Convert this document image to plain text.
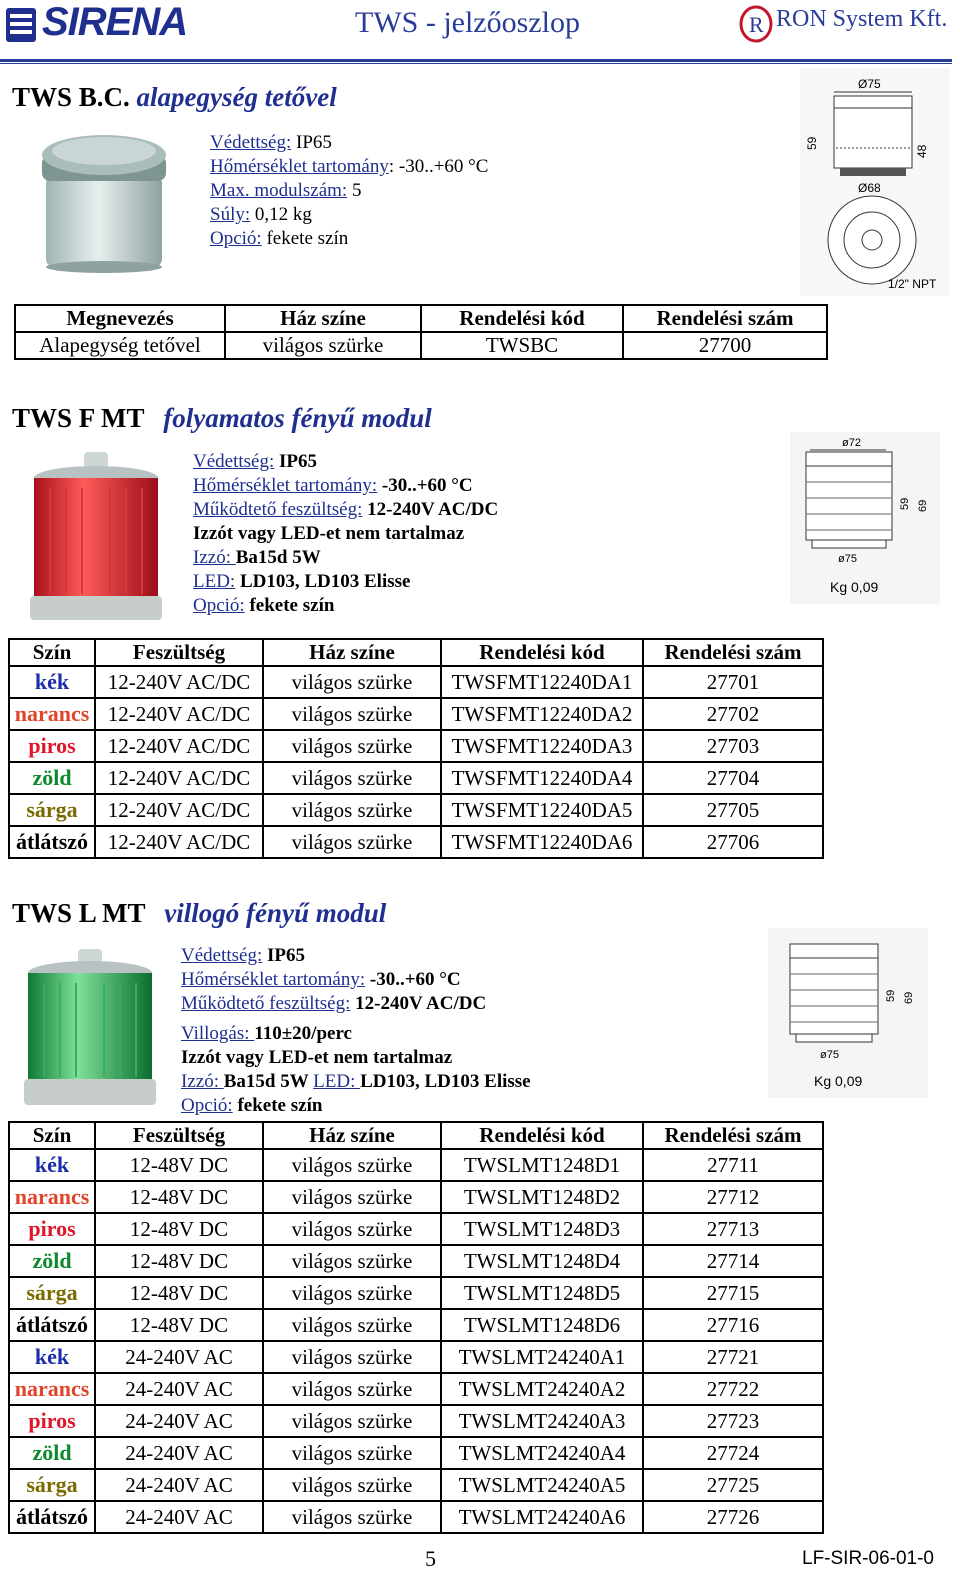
SIRENA	TWS - jelzőoszlop	R RON System Kft.
TWS B.C. alapegység tetővel
Védettség: IP65
Hőmérséklet tartomány: -30..+60 °C
Max. modulszám: 5
Súly: 0,12 kg
Opció: fekete szín
Ø75
Ø68
59
48
1/2" NPT
Megnevezés	Ház színe	Rendelési kód	Rendelési szám
Alapegység tetővel	világos szürke	TWSBC	27700
TWS F MT folyamatos fényű modul
Védettség: IP65
Hőmérséklet tartomány: -30..+60 °C
Működtető feszültség: 12-240V AC/DC
Izzót vagy LED-et nem tartalmaz
Izzó: Ba15d 5W
LED: LD103, LD103 Elisse
Opció: fekete szín
ø72
ø75
59 69
Kg 0,09
Szín	Feszültség	Ház színe	Rendelési kód	Rendelési szám
kék	12-240V AC/DC	világos szürke	TWSFMT12240DA1	27701
narancs	12-240V AC/DC	világos szürke	TWSFMT12240DA2	27702
piros	12-240V AC/DC	világos szürke	TWSFMT12240DA3	27703
zöld	12-240V AC/DC	világos szürke	TWSFMT12240DA4	27704
sárga	12-240V AC/DC	világos szürke	TWSFMT12240DA5	27705
átlátszó	12-240V AC/DC	világos szürke	TWSFMT12240DA6	27706
TWS L MT villogó fényű modul
Védettség: IP65
Hőmérséklet tartomány: -30..+60 °C
Működtető feszültség: 12-240V AC/DC
Villogás: 110±20/perc
Izzót vagy LED-et nem tartalmaz
Izzó: Ba15d 5W LED: LD103, LD103 Elisse
Opció: fekete szín
ø75
59 69
Kg 0,09
Szín	Feszültség	Ház színe	Rendelési kód	Rendelési szám
kék	12-48V DC	világos szürke	TWSLMT1248D1	27711
narancs	12-48V DC	világos szürke	TWSLMT1248D2	27712
piros	12-48V DC	világos szürke	TWSLMT1248D3	27713
zöld	12-48V DC	világos szürke	TWSLMT1248D4	27714
sárga	12-48V DC	világos szürke	TWSLMT1248D5	27715
átlátszó	12-48V DC	világos szürke	TWSLMT1248D6	27716
kék	24-240V AC	világos szürke	TWSLMT24240A1	27721
narancs	24-240V AC	világos szürke	TWSLMT24240A2	27722
piros	24-240V AC	világos szürke	TWSLMT24240A3	27723
zöld	24-240V AC	világos szürke	TWSLMT24240A4	27724
sárga	24-240V AC	világos szürke	TWSLMT24240A5	27725
átlátszó	24-240V AC	világos szürke	TWSLMT24240A6	27726
5	LF-SIR-06-01-0
